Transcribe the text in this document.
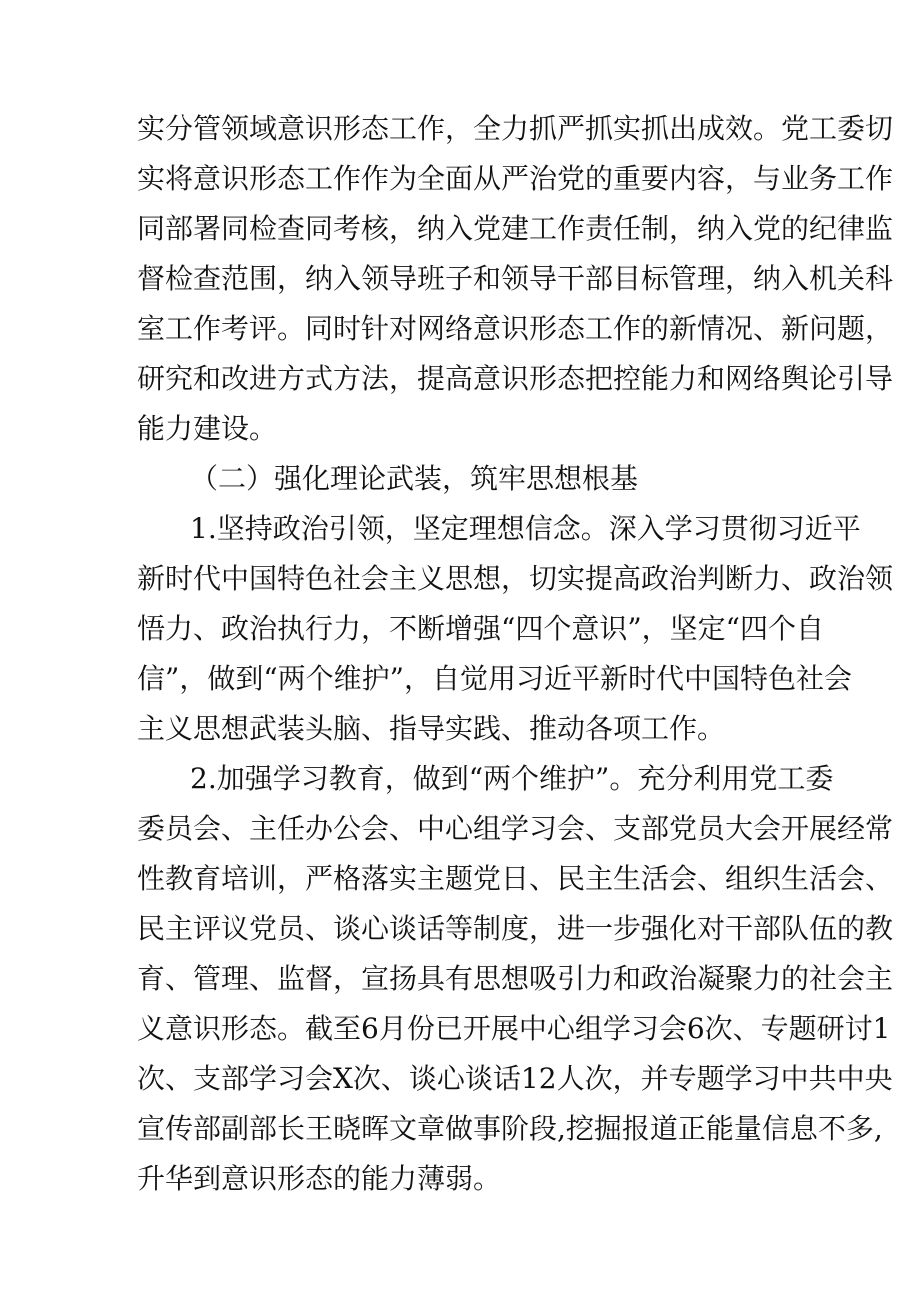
实分管领域意识形态工作，全力抓严抓实抓出成效。党工委切
实将意识形态工作作为全面从严治党的重要内容，与业务工作
同部署同检查同考核，纳入党建工作责任制，纳入党的纪律监
督检查范围，纳入领导班子和领导干部目标管理，纳入机关科
室工作考评。同时针对网络意识形态工作的新情况、新问题，
研究和改进方式方法，提高意识形态把控能力和网络舆论引导
能力建设。
（二）强化理论武装，筑牢思想根基
1.坚持政治引领，坚定理想信念。深入学习贯彻习近平
新时代中国特色社会主义思想，切实提高政治判断力、政治领
悟力、政治执行力，不断增强“四个意识”，坚定“四个自
信”，做到“两个维护”，自觉用习近平新时代中国特色社会
主义思想武装头脑、指导实践、推动各项工作。
2.加强学习教育，做到“两个维护”。充分利用党工委
委员会、主任办公会、中心组学习会、支部党员大会开展经常
性教育培训，严格落实主题党日、民主生活会、组织生活会、
民主评议党员、谈心谈话等制度，进一步强化对干部队伍的教
育、管理、监督，宣扬具有思想吸引力和政治凝聚力的社会主
义意识形态。截至6月份已开展中心组学习会6次、专题研讨1
次、支部学习会X次、谈心谈话12人次，并专题学习中共中央
宣传部副部长王晓晖文章做事阶段,挖掘报道正能量信息不多,
升华到意识形态的能力薄弱。
